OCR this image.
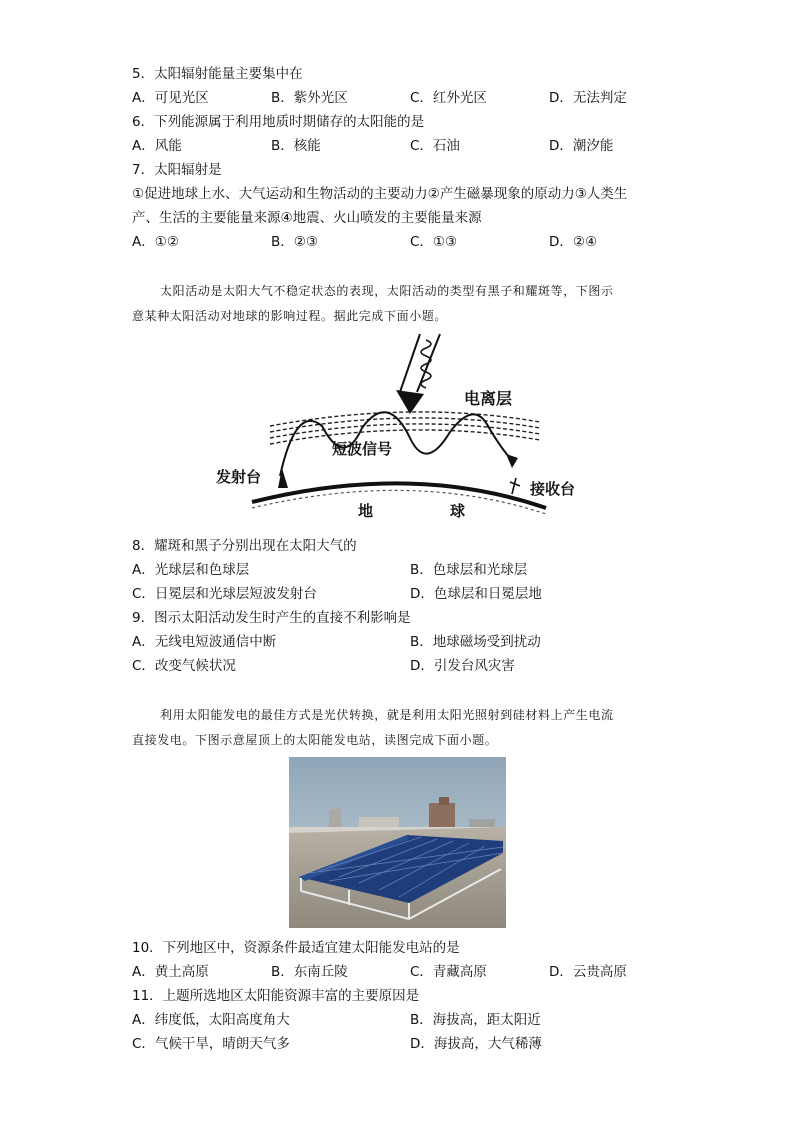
5．太阳辐射能量主要集中在
A．可见光区	B．紫外光区	C．红外光区	D．无法判定
6．下列能源属于利用地质时期储存的太阳能的是
A．风能	B．核能	C．石油	D．潮汐能
7．太阳辐射是
①促进地球上水、大气运动和生物活动的主要动力②产生磁暴现象的原动力③人类生
产、生活的主要能量来源④地震、火山喷发的主要能量来源
A．①②	B．②③	C．①③	D．②④
太阳活动是太阳大气不稳定状态的表现，太阳活动的类型有黑子和耀斑等，下图示
意某种太阳活动对地球的影响过程。据此完成下面小题。
电离层
短波信号
发射台
接收台
地	球
8．耀斑和黑子分别出现在太阳大气的
A．光球层和色球层	B．色球层和光球层
C．日冕层和光球层短波发射台	D．色球层和日冕层地
9．图示太阳活动发生时产生的直接不利影响是
A．无线电短波通信中断	B．地球磁场受到扰动
C．改变气候状况	D．引发台风灾害
利用太阳能发电的最佳方式是光伏转换，就是利用太阳光照射到硅材料上产生电流
直接发电。下图示意屋顶上的太阳能发电站，读图完成下面小题。
10．下列地区中，资源条件最适宜建太阳能发电站的是
A．黄土高原	B．东南丘陵	C．青藏高原	D．云贵高原
11．上题所选地区太阳能资源丰富的主要原因是
A．纬度低，太阳高度角大	B．海拔高，距太阳近
C．气候干旱，晴朗天气多	D．海拔高，大气稀薄
